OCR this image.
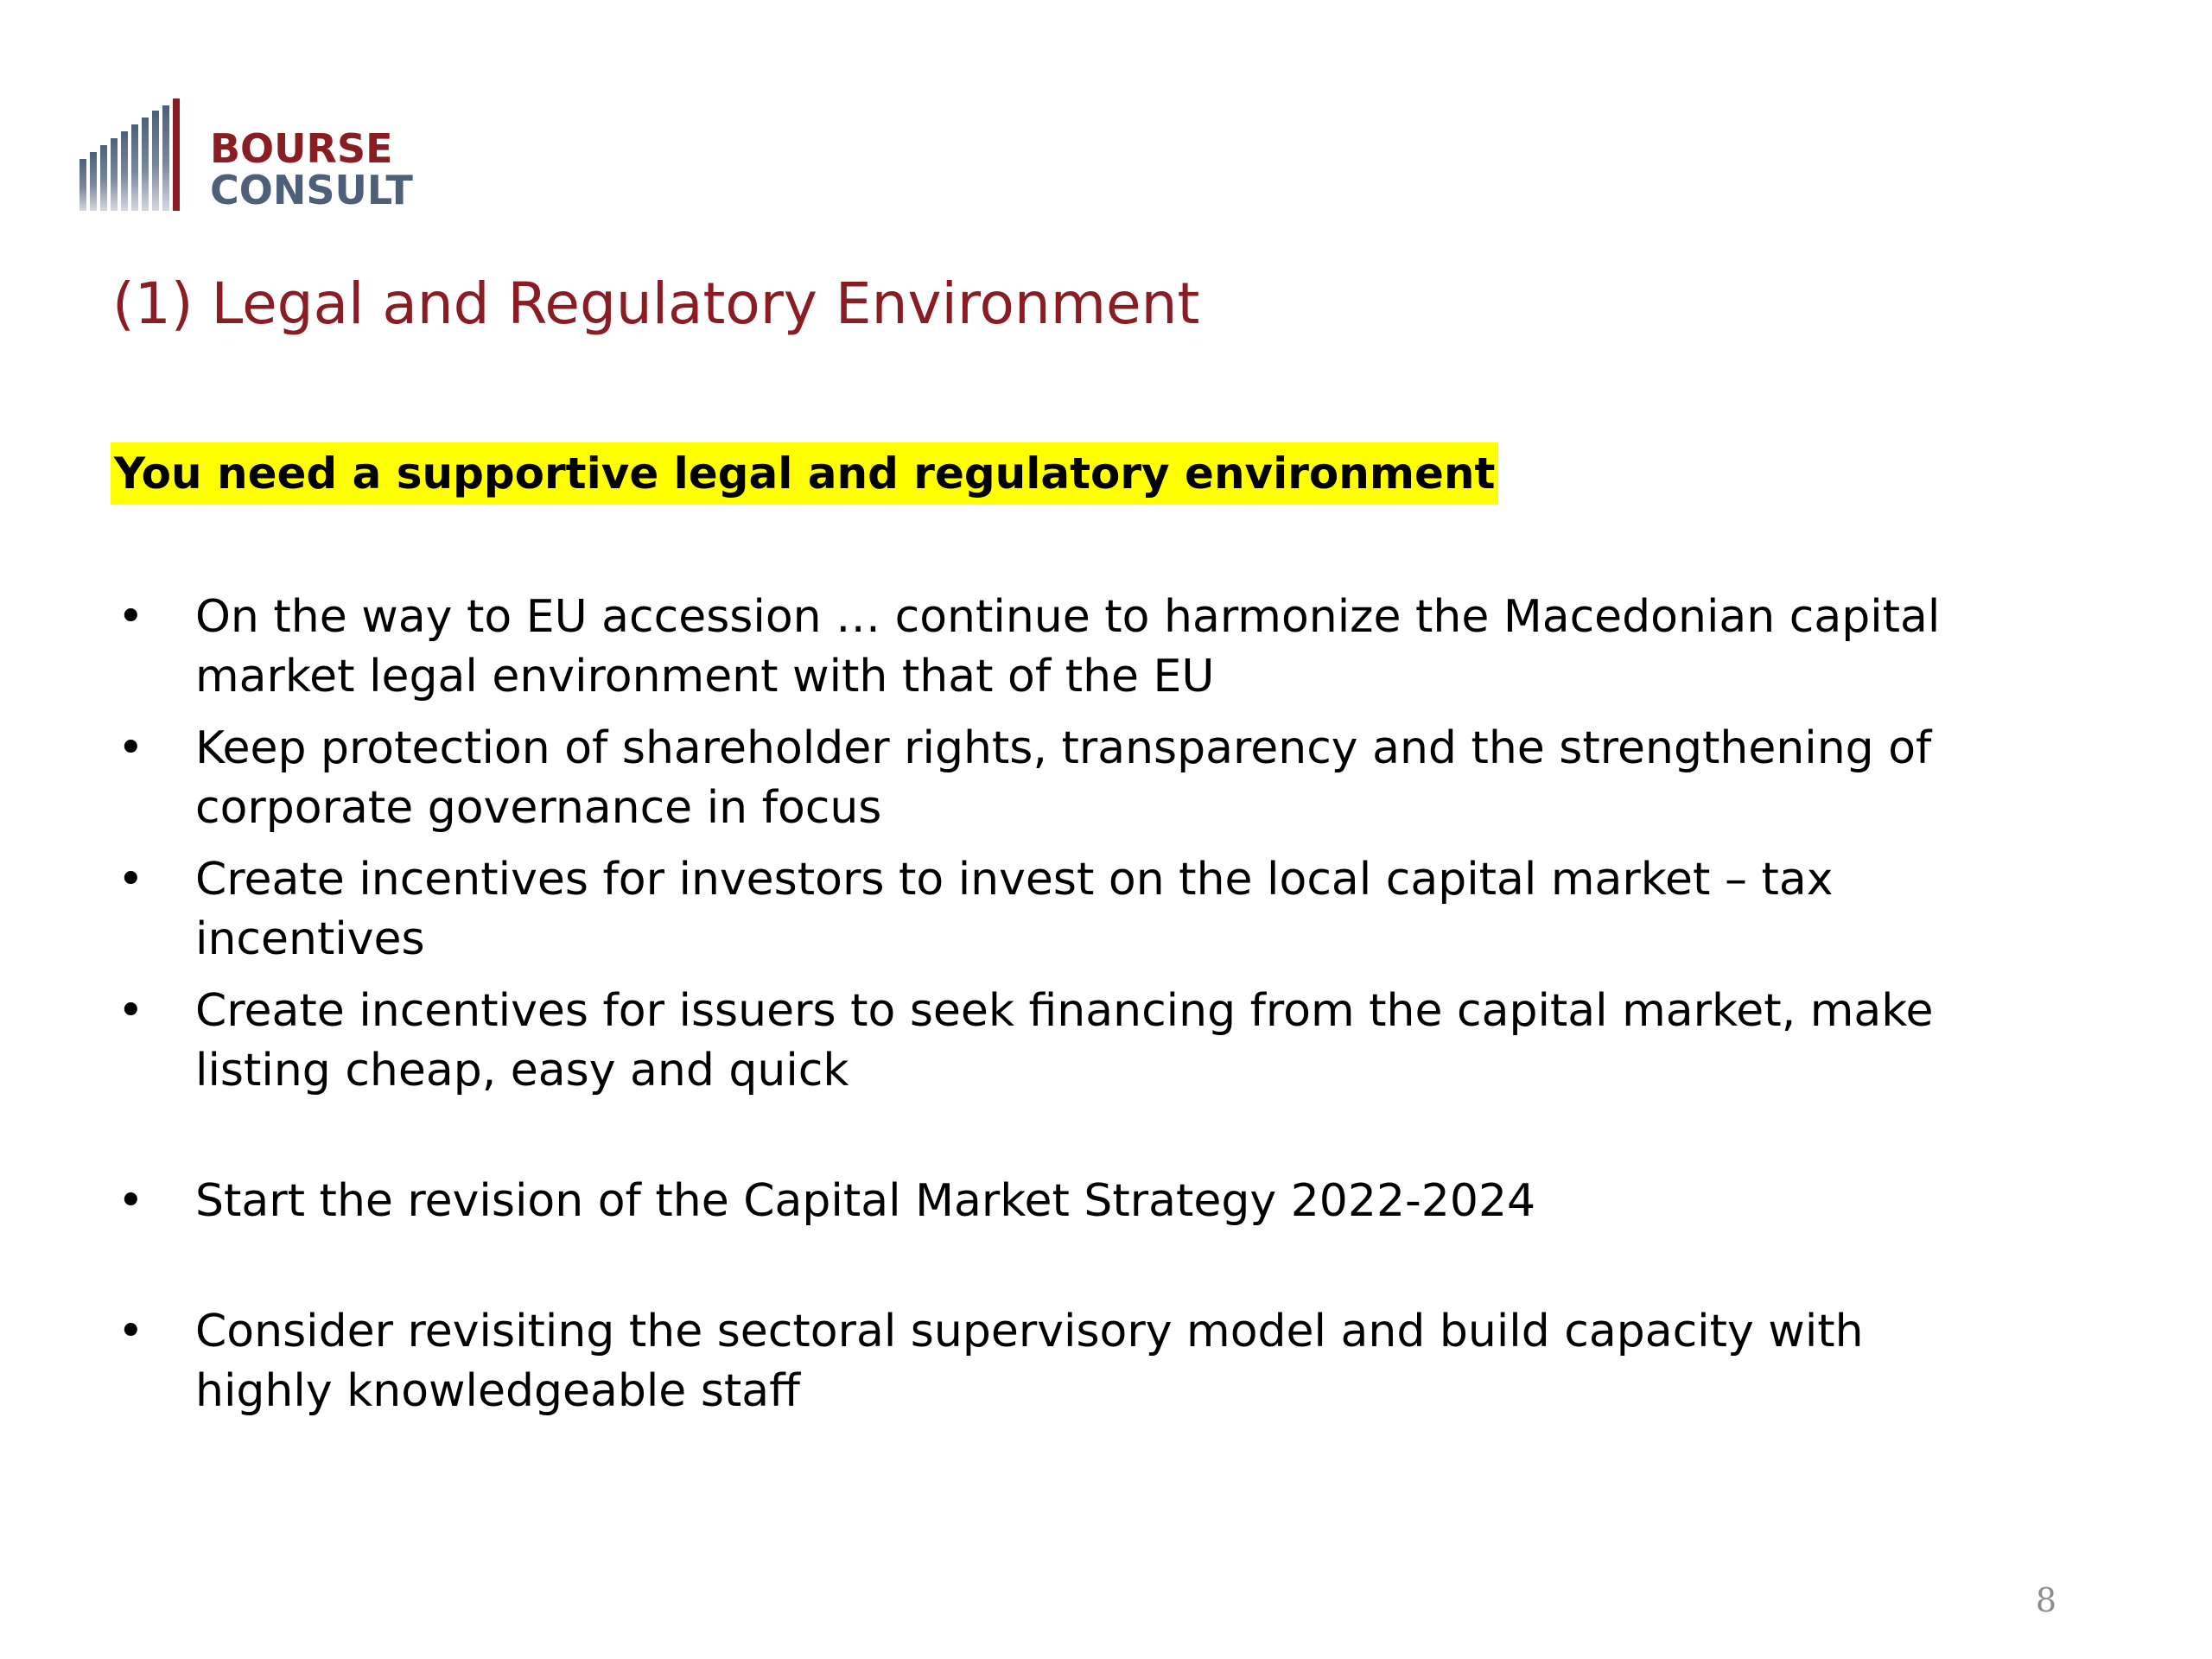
BOURSE
CONSULT
(1) Legal and Regulatory Environment

You need a supportive legal and regulatory environment

• On the way to EU accession … continue to harmonize the Macedonian capital market legal environment with that of the EU
• Keep protection of shareholder rights, transparency and the strengthening of corporate governance in focus
• Create incentives for investors to invest on the local capital market – tax incentives
• Create incentives for issuers to seek financing from the capital market, make listing cheap, easy and quick
• Start the revision of the Capital Market Strategy 2022-2024
• Consider revisiting the sectoral supervisory model and build capacity with highly knowledgeable staff
8
